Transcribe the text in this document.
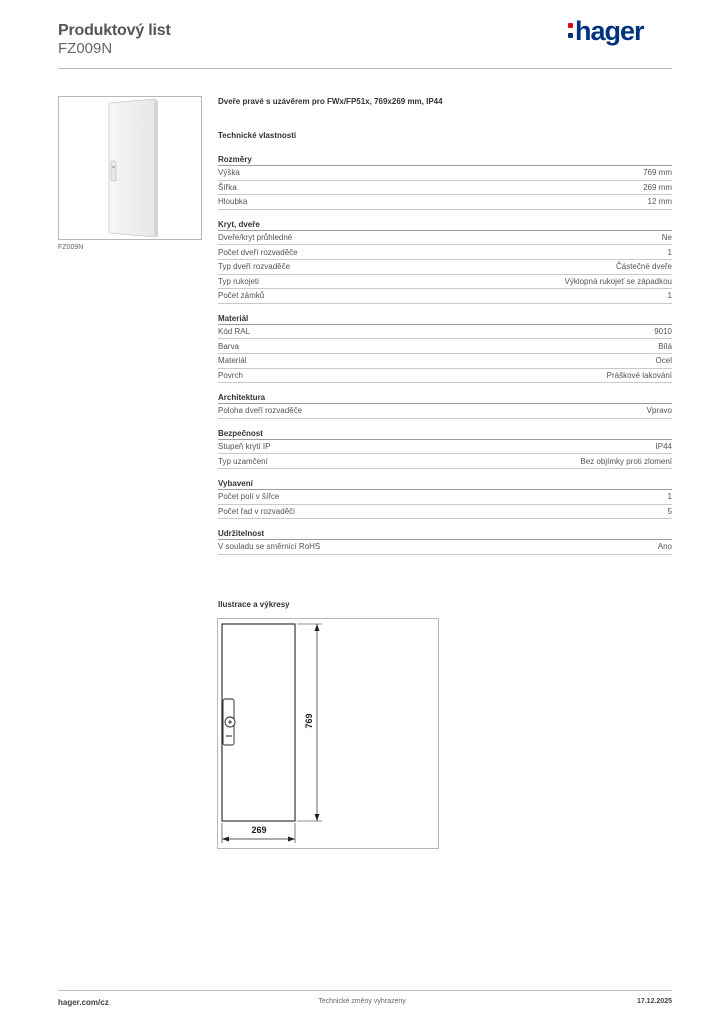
Produktový list
FZ009N
hager
FZ009N
Dveře pravé s uzávěrem pro FWx/FP51x, 769x269 mm, IP44
Technické vlastnosti
Rozměry
Výška	769 mm
Šířka	269 mm
Hloubka	12 mm
Kryt, dveře
Dveře/kryt průhledné	Ne
Počet dveří rozvaděče	1
Typ dveří rozvaděče	Částečné dveře
Typ rukojeti	Výklopná rukojeť se západkou
Počet zámků	1
Materiál
Kód RAL	9010
Barva	Bílá
Materiál	Ocel
Povrch	Práškové lakování
Architektura
Poloha dveří rozvaděče	Vpravo
Bezpečnost
Stupeň krytí IP	IP44
Typ uzamčení	Bez objímky proti zlomení
Vybavení
Počet polí v šířce	1
Počet řad v rozvaděči	5
Udržitelnost
V souladu se směrnicí RoHS	Ano
Ilustrace a výkresy
769
269
hager.com/cz	Technické změny vyhrazeny	17.12.2025
